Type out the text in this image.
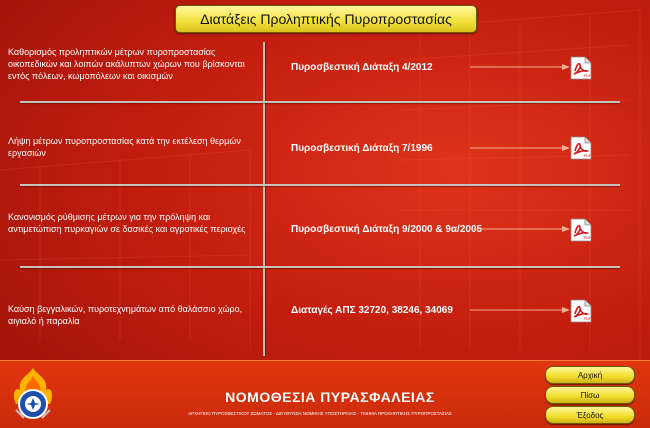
Διατάξεις Προληπτικής Πυροπροστασίας
Καθορισμός προληπτικών μέτρων πυροπροστασίας οικοπεδικών και λοιπών ακάλυπτων χώρων που βρίσκονται εντός πόλεων, κωμοπόλεων και οικισμών
Πυροσβεστική Διάταξη 4/2012
PDF
Λήψη μέτρων πυροπροστασίας κατά την εκτέλεση θερμών εργασιών	Πυροσβεστική Διάταξη 7/1996
PDF
Κανονισμός ρύθμισης μέτρων για την πρόληψη και αντιμετώπιση πυρκαγιών σε δασικές και αγροτικές περιοχές	Πυροσβεστική Διάταξη 9/2000 & 9α/2005
PDF
Καύση βεγγαλικών, πυροτεχνημάτων από θαλάσσιο χώρο, αιγιαλό ή παραλία
Διαταγές ΑΠΣ 32720, 38246, 34069
PDF
ΝΟΜΟΘΕΣΙΑ ΠΥΡΑΣΦΑΛΕΙΑΣ
ΑΡΧΗΓΕΙΟ ΠΥΡΟΣΒΕΣΤΙΚΟΥ ΣΩΜΑΤΟΣ - ΔΙΕΥΘΥΝΣΗ ΝΟΜΙΚΗΣ ΥΠΟΣΤΗΡΙΞΗΣ - ΤΜΗΜΑ ΠΡΟΛΗΠΤΙΚΗΣ ΠΥΡΟΠΡΟΣΤΑΣΙΑΣ
Αρχική
Πίσω
Έξοδος
